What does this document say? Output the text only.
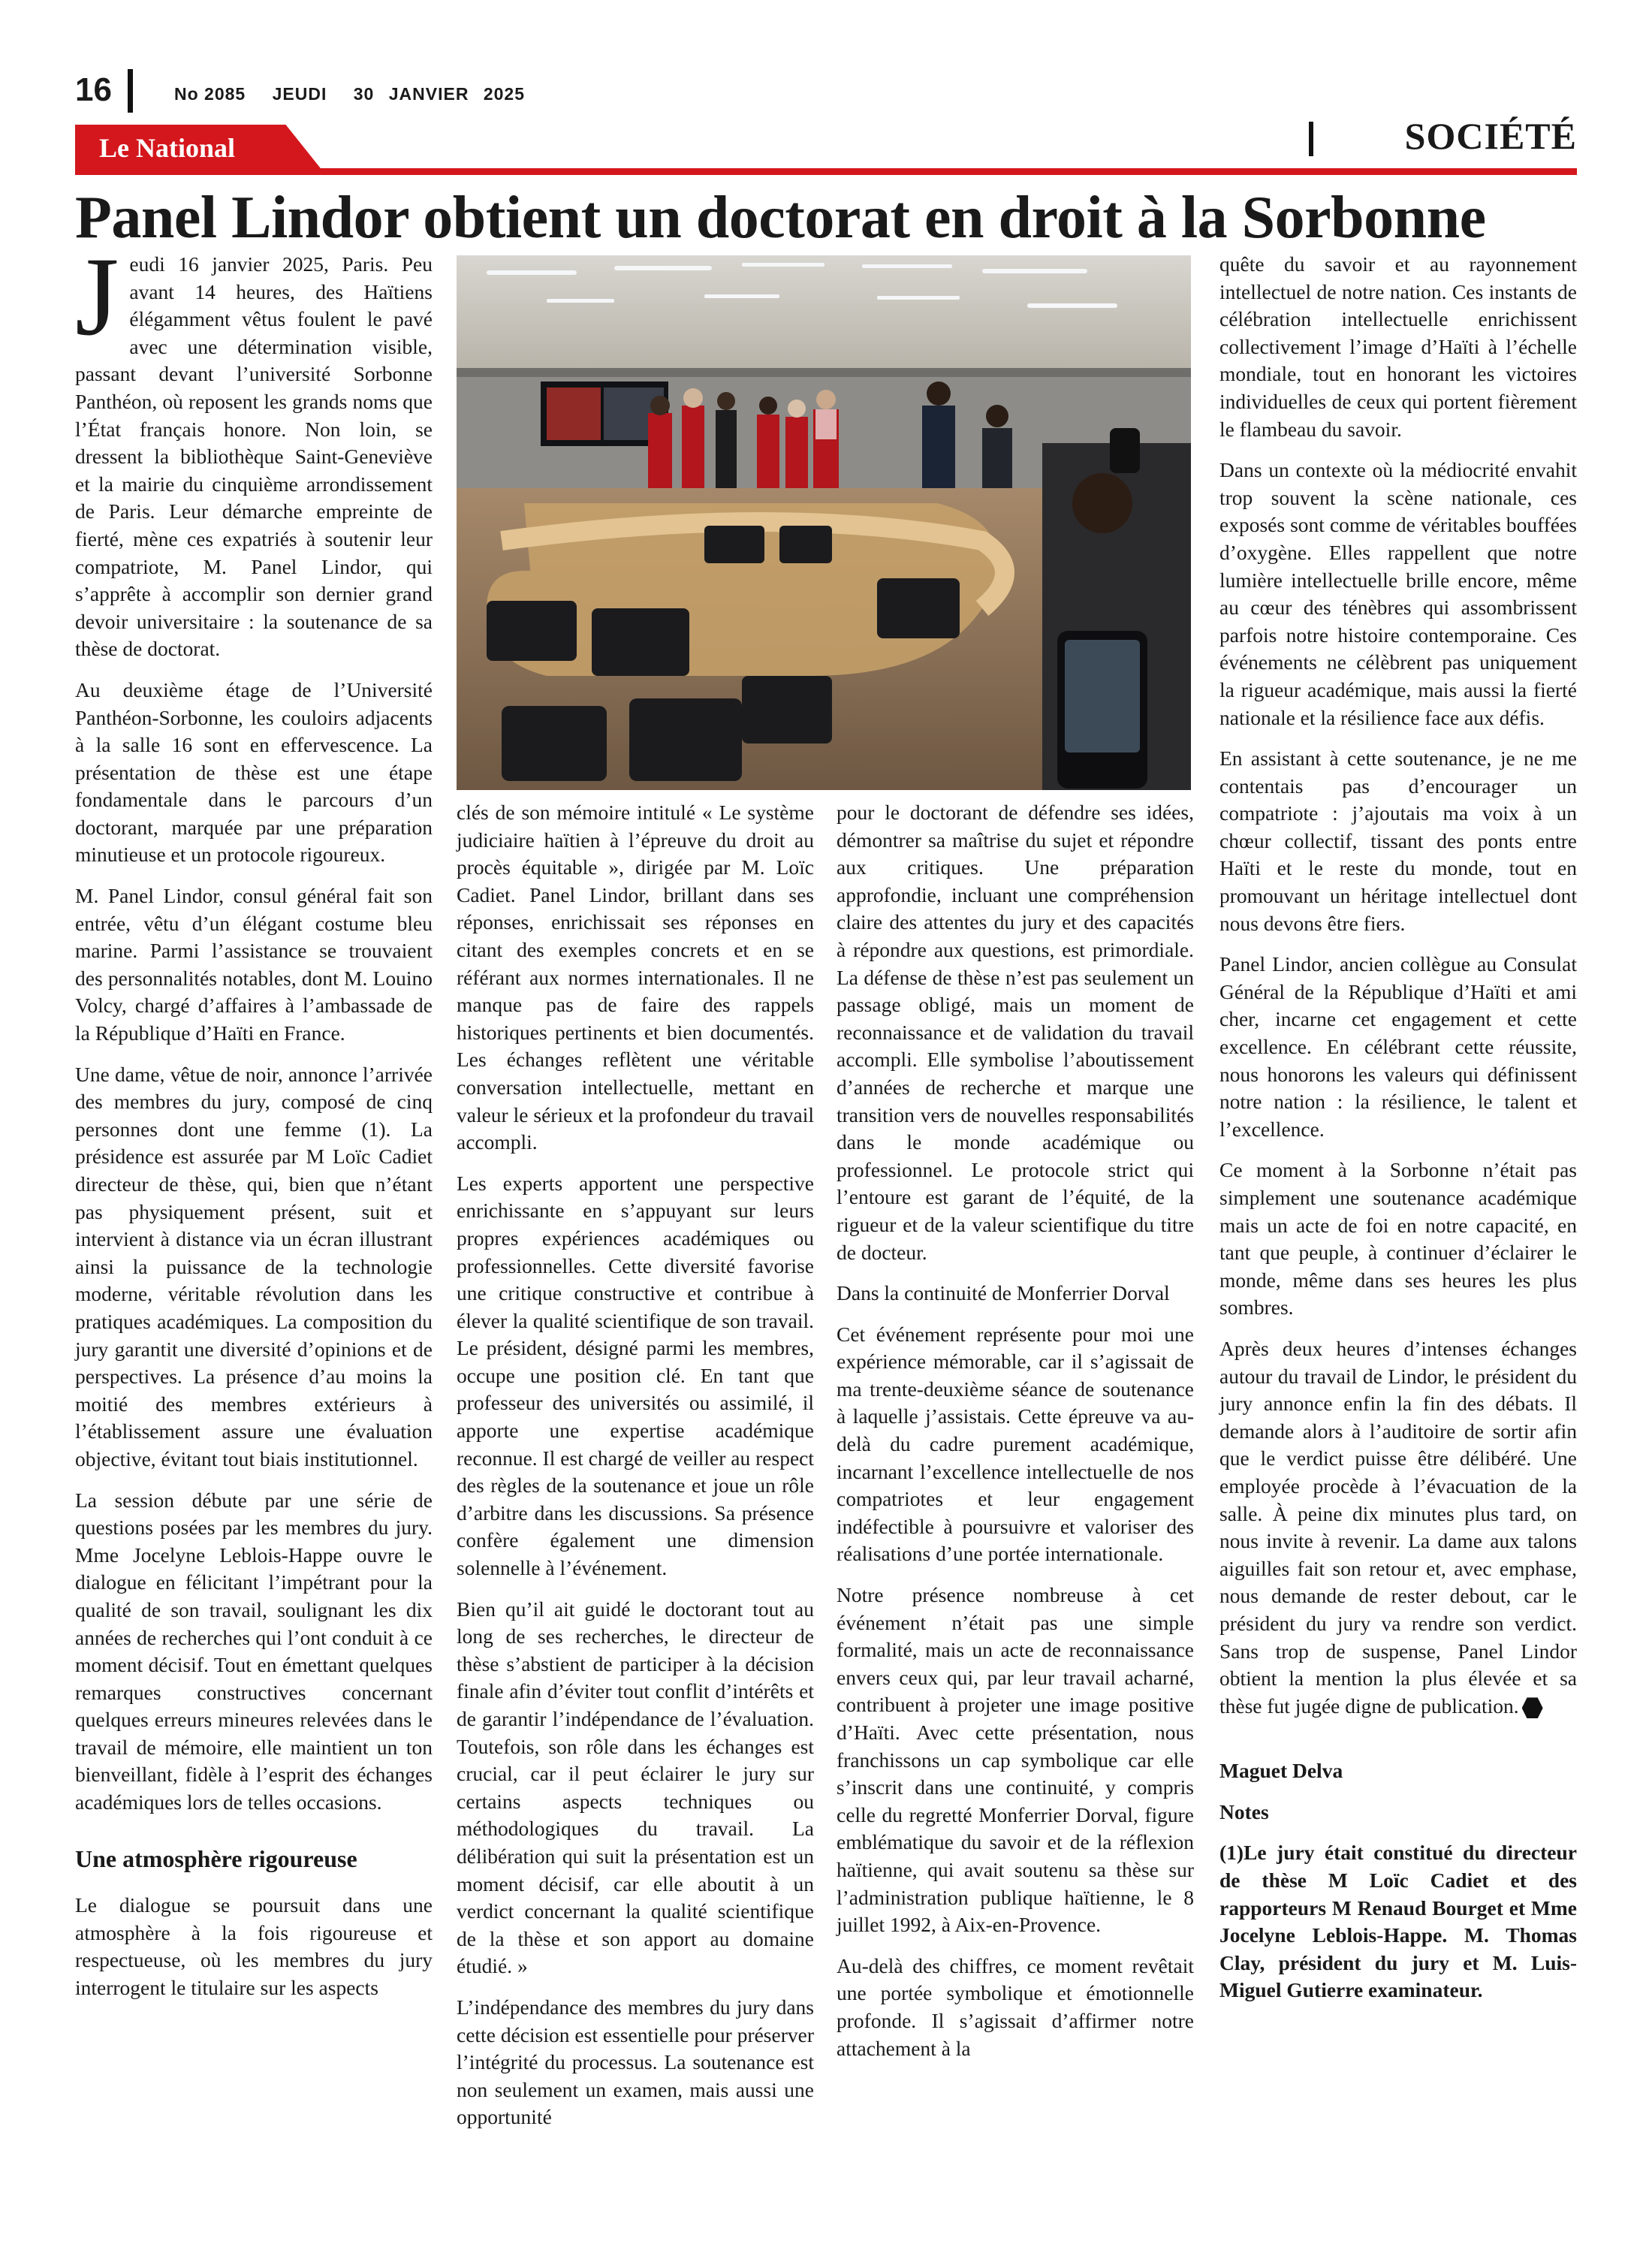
16	No 2085 JEUDI 30 JANVIER 2025
Le National	SOCIÉTÉ
Panel Lindor obtient un doctorat en droit à la Sorbonne

Jeudi 16 janvier 2025, Paris. Peu avant 14 heures, des Haïtiens élégamment vêtus foulent le pavé avec une détermination visible, passant devant l’université Sorbonne Panthéon, où reposent les grands noms que l’État français honore. Non loin, se dressent la bibliothèque Saint-Geneviève et la mairie du cinquième arrondissement de Paris. Leur démarche empreinte de fierté, mène ces expatriés à soutenir leur compatriote, M. Panel Lindor, qui s’apprête à accomplir son dernier grand devoir universitaire : la soutenance de sa thèse de doctorat.

Au deuxième étage de l’Université Panthéon-Sorbonne, les couloirs adjacents à la salle 16 sont en effervescence. La présentation de thèse est une étape fondamentale dans le parcours d’un doctorant, marquée par une préparation minutieuse et un protocole rigoureux.

M. Panel Lindor, consul général fait son entrée, vêtu d’un élégant costume bleu marine. Parmi l’assistance se trouvaient des personnalités notables, dont M. Louino Volcy, chargé d’affaires à l’ambassade de la République d’Haïti en France.

Une dame, vêtue de noir, annonce l’arrivée des membres du jury, composé de cinq personnes dont une femme (1). La présidence est assurée par M Loïc Cadiet directeur de thèse, qui, bien que n’étant pas physiquement présent, suit et intervient à distance via un écran illustrant ainsi la puissance de la technologie moderne, véritable révolution dans les pratiques académiques. La composition du jury garantit une diversité d’opinions et de perspectives. La présence d’au moins la moitié des membres extérieurs à l’établissement assure une évaluation objective, évitant tout biais institutionnel.

La session débute par une série de questions posées par les membres du jury. Mme Jocelyne Leblois-Happe ouvre le dialogue en félicitant l’impétrant pour la qualité de son travail, soulignant les dix années de recherches qui l’ont conduit à ce moment décisif. Tout en émettant quelques remarques constructives concernant quelques erreurs mineures relevées dans le travail de mémoire, elle maintient un ton bienveillant, fidèle à l’esprit des échanges académiques lors de telles occasions.

Une atmosphère rigoureuse

Le dialogue se poursuit dans une atmosphère à la fois rigoureuse et respectueuse, où les membres du jury interrogent le titulaire sur les aspects

clés de son mémoire intitulé « Le système judiciaire haïtien à l’épreuve du droit au procès équitable », dirigée par M. Loïc Cadiet. Panel Lindor, brillant dans ses réponses, enrichissait ses réponses en citant des exemples concrets et en se référant aux normes internationales. Il ne manque pas de faire des rappels historiques pertinents et bien documentés. Les échanges reflètent une véritable conversation intellectuelle, mettant en valeur le sérieux et la profondeur du travail accompli.

Les experts apportent une perspective enrichissante en s’appuyant sur leurs propres expériences académiques ou professionnelles. Cette diversité favorise une critique constructive et contribue à élever la qualité scientifique de son travail. Le président, désigné parmi les membres, occupe une position clé. En tant que professeur des universités ou assimilé, il apporte une expertise académique reconnue. Il est chargé de veiller au respect des règles de la soutenance et joue un rôle d’arbitre dans les discussions. Sa présence confère également une dimension solennelle à l’événement.

Bien qu’il ait guidé le doctorant tout au long de ses recherches, le directeur de thèse s’abstient de participer à la décision finale afin d’éviter tout conflit d’intérêts et de garantir l’indépendance de l’évaluation. Toutefois, son rôle dans les échanges est crucial, car il peut éclairer le jury sur certains aspects techniques ou méthodologiques du travail. La délibération qui suit la présentation est un moment décisif, car elle aboutit à un verdict concernant la qualité scientifique de la thèse et son apport au domaine étudié. »

L’indépendance des membres du jury dans cette décision est essentielle pour préserver l’intégrité du processus. La soutenance est non seulement un examen, mais aussi une opportunité

pour le doctorant de défendre ses idées, démontrer sa maîtrise du sujet et répondre aux critiques. Une préparation approfondie, incluant une compréhension claire des attentes du jury et des capacités à répondre aux questions, est primordiale. La défense de thèse n’est pas seulement un passage obligé, mais un moment de reconnaissance et de validation du travail accompli. Elle symbolise l’aboutissement d’années de recherche et marque une transition vers de nouvelles responsabilités dans le monde académique ou professionnel. Le protocole strict qui l’entoure est garant de l’équité, de la rigueur et de la valeur scientifique du titre de docteur.

Dans la continuité de Monferrier Dorval

Cet événement représente pour moi une expérience mémorable, car il s’agissait de ma trente-deuxième séance de soutenance à laquelle j’assistais. Cette épreuve va au-delà du cadre purement académique, incarnant l’excellence intellectuelle de nos compatriotes et leur engagement indéfectible à poursuivre et valoriser des réalisations d’une portée internationale.

Notre présence nombreuse à cet événement n’était pas une simple formalité, mais un acte de reconnaissance envers ceux qui, par leur travail acharné, contribuent à projeter une image positive d’Haïti. Avec cette présentation, nous franchissons un cap symbolique car elle s’inscrit dans une continuité, y compris celle du regretté Monferrier Dorval, figure emblématique du savoir et de la réflexion haïtienne, qui avait soutenu sa thèse sur l’administration publique haïtienne, le 8 juillet 1992, à Aix-en-Provence.

Au-delà des chiffres, ce moment revêtait une portée symbolique et émotionnelle profonde. Il s’agissait d’affirmer notre attachement à la

quête du savoir et au rayonnement intellectuel de notre nation. Ces instants de célébration intellectuelle enrichissent collectivement l’image d’Haïti à l’échelle mondiale, tout en honorant les victoires individuelles de ceux qui portent fièrement le flambeau du savoir.

Dans un contexte où la médiocrité envahit trop souvent la scène nationale, ces exposés sont comme de véritables bouffées d’oxygène. Elles rappellent que notre lumière intellectuelle brille encore, même au cœur des ténèbres qui assombrissent parfois notre histoire contemporaine. Ces événements ne célèbrent pas uniquement la rigueur académique, mais aussi la fierté nationale et la résilience face aux défis.

En assistant à cette soutenance, je ne me contentais pas d’encourager un compatriote : j’ajoutais ma voix à un chœur collectif, tissant des ponts entre Haïti et le reste du monde, tout en promouvant un héritage intellectuel dont nous devons être fiers.

Panel Lindor, ancien collègue au Consulat Général de la République d’Haïti et ami cher, incarne cet engagement et cette excellence. En célébrant cette réussite, nous honorons les valeurs qui définissent notre nation : la résilience, le talent et l’excellence.

Ce moment à la Sorbonne n’était pas simplement une soutenance académique mais un acte de foi en notre capacité, en tant que peuple, à continuer d’éclairer le monde, même dans ses heures les plus sombres.

Après deux heures d’intenses échanges autour du travail de Lindor, le président du jury annonce enfin la fin des débats. Il demande alors à l’auditoire de sortir afin que le verdict puisse être délibéré. Une employée procède à l’évacuation de la salle. À peine dix minutes plus tard, on nous invite à revenir. La dame aux talons aiguilles fait son retour et, avec emphase, nous demande de rester debout, car le président du jury va rendre son verdict. Sans trop de suspense, Panel Lindor obtient la mention la plus élevée et sa thèse fut jugée digne de publication.

Maguet Delva

Notes

(1)Le jury était constitué du directeur de thèse M Loïc Cadiet et des rapporteurs M Renaud Bourget et Mme Jocelyne Leblois-Happe. M. Thomas Clay, président du jury et M. Luis-Miguel Gutierre examinateur.
